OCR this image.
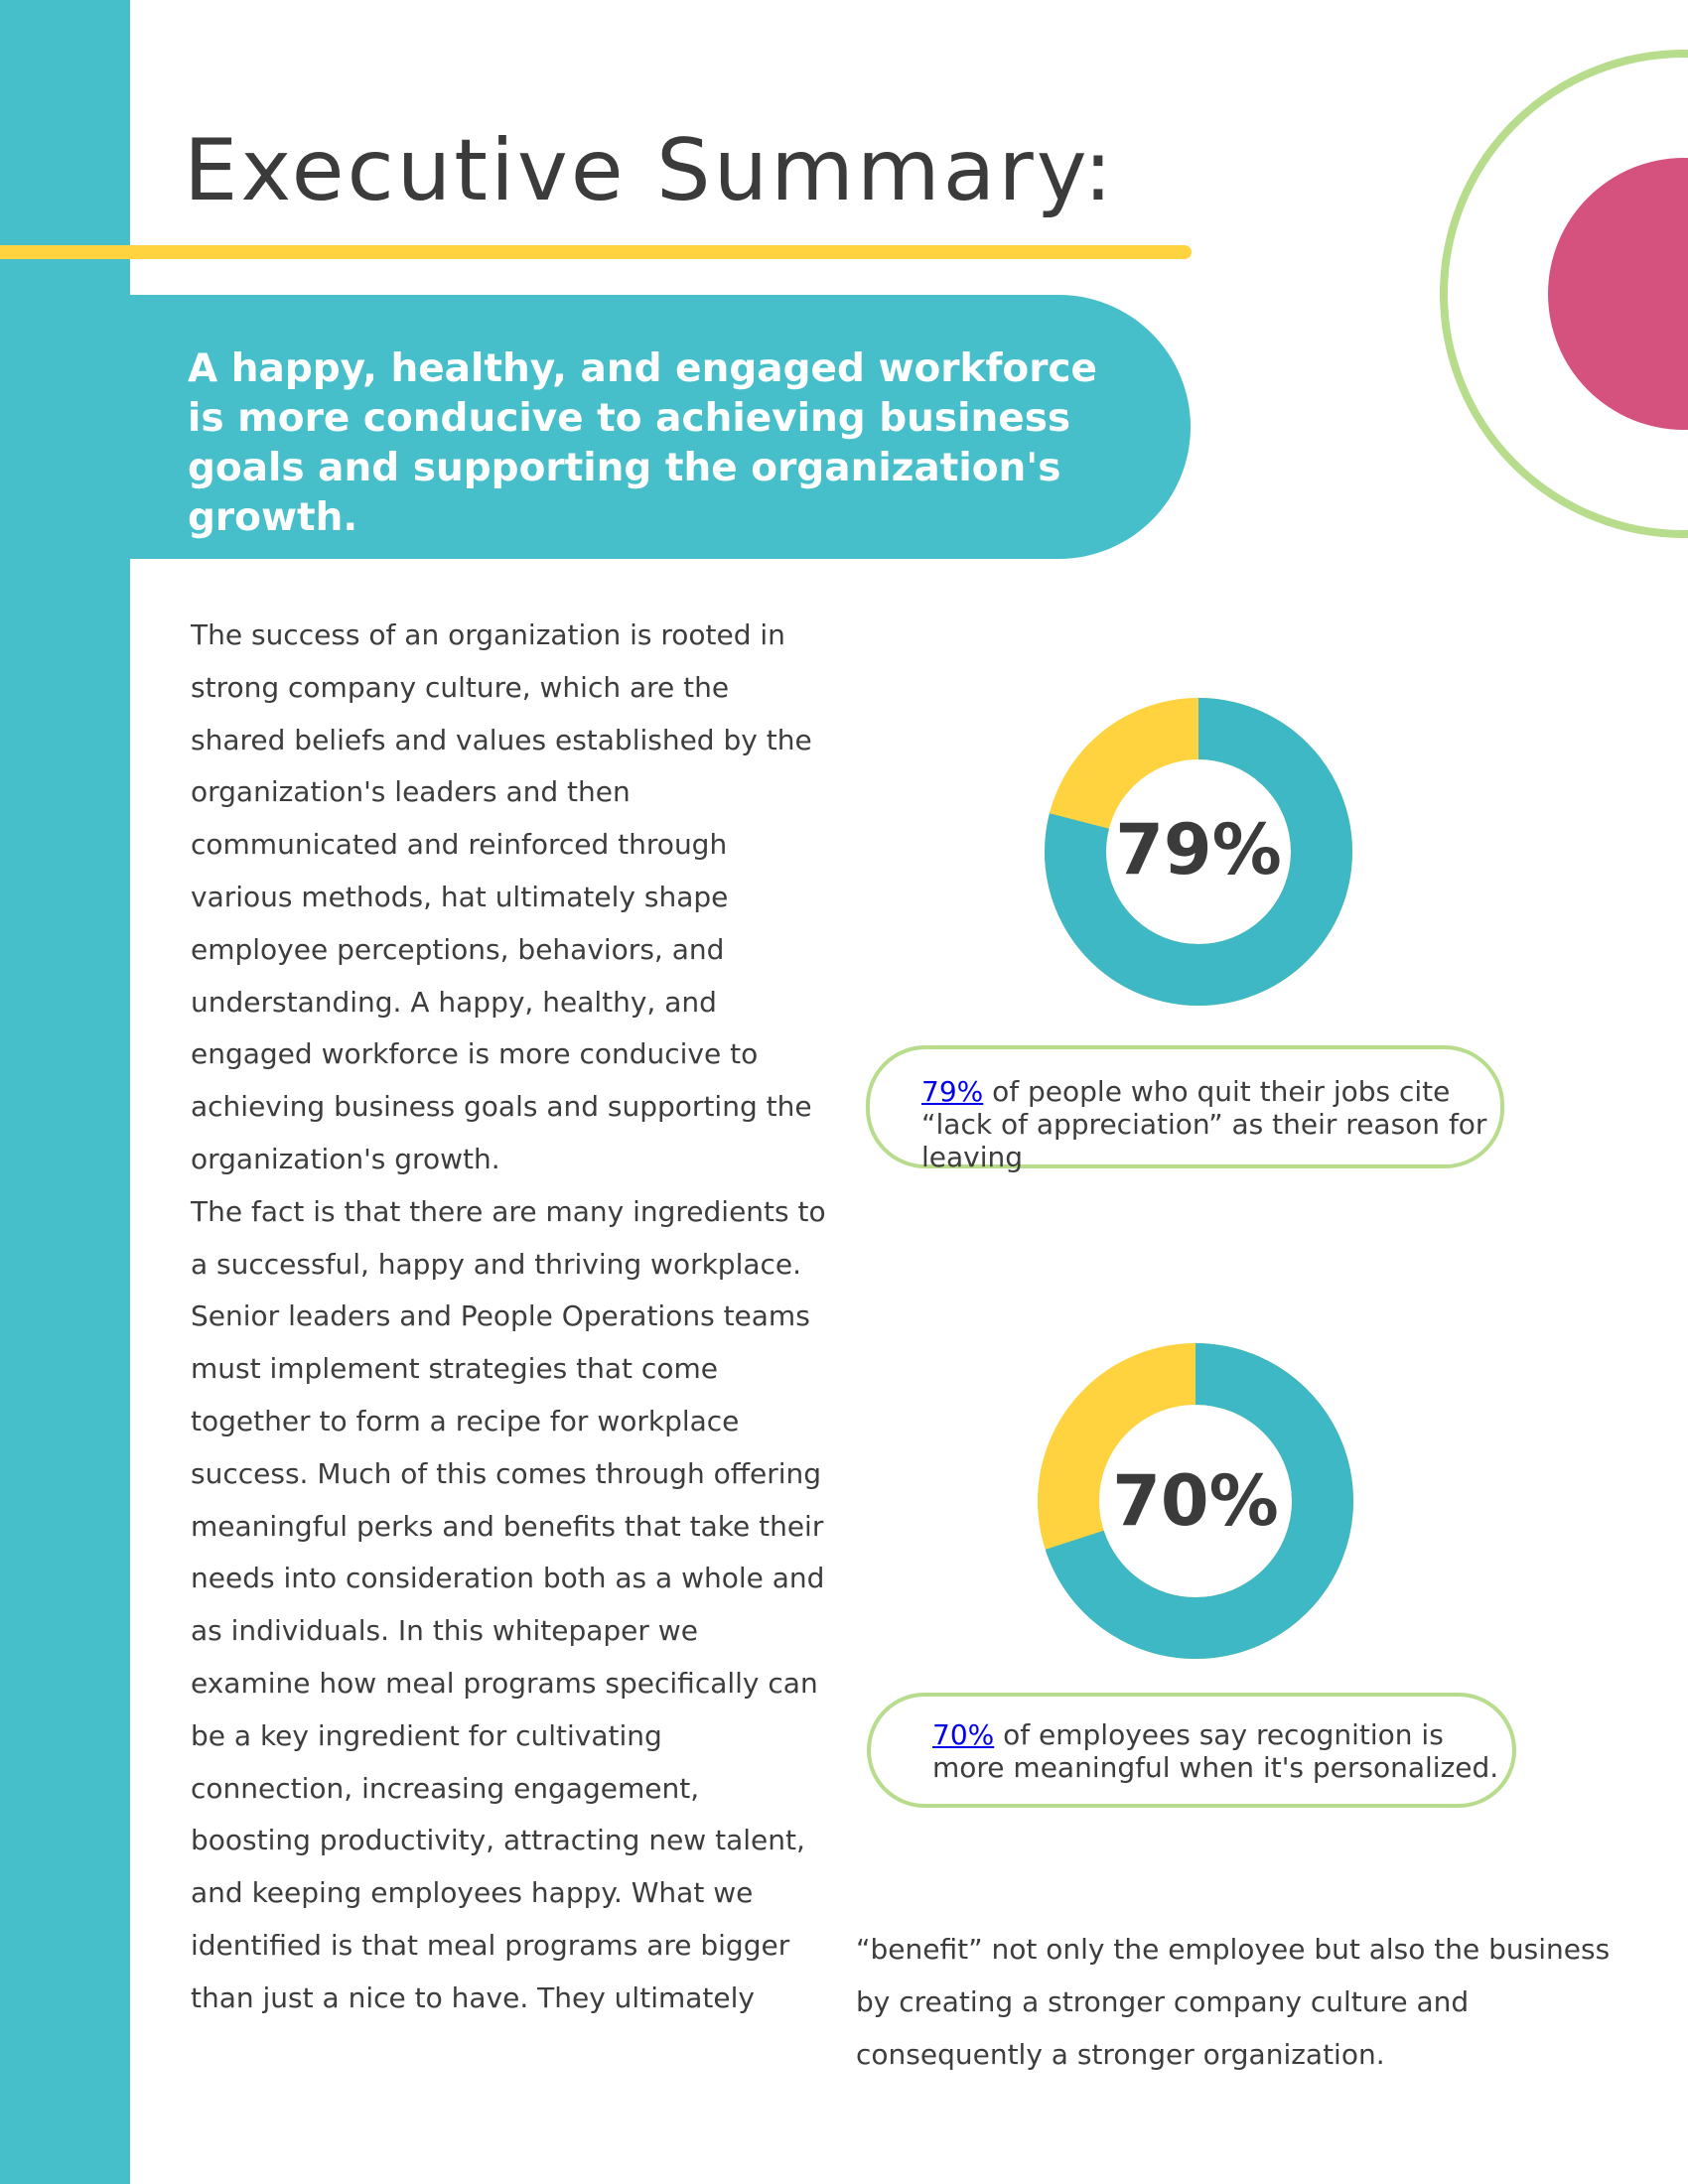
Executive Summary:
A happy, healthy, and engaged workforce is more conducive to achieving business goals and supporting the organization's growth.

The success of an organization is rooted in strong company culture, which are the shared beliefs and values established by the organization's leaders and then communicated and reinforced through various methods, hat ultimately shape employee perceptions, behaviors, and understanding. A happy, healthy, and engaged workforce is more conducive to achieving business goals and supporting the organization's growth.

The fact is that there are many ingredients to a successful, happy and thriving workplace. Senior leaders and People Operations teams must implement strategies that come together to form a recipe for workplace success. Much of this comes through offering meaningful perks and benefits that take their needs into consideration both as a whole and as individuals. In this whitepaper we examine how meal programs specifically can be a key ingredient for cultivating connection, increasing engagement, boosting productivity, attracting new talent, and keeping employees happy. What we identified is that meal programs are bigger than just a nice to have. They ultimately

79%
79% of people who quit their jobs cite “lack of appreciation” as their reason for leaving
70%
70% of employees say recognition is more meaningful when it's personalized.
“benefit” not only the employee but also the business by creating a stronger company culture and consequently a stronger organization.
